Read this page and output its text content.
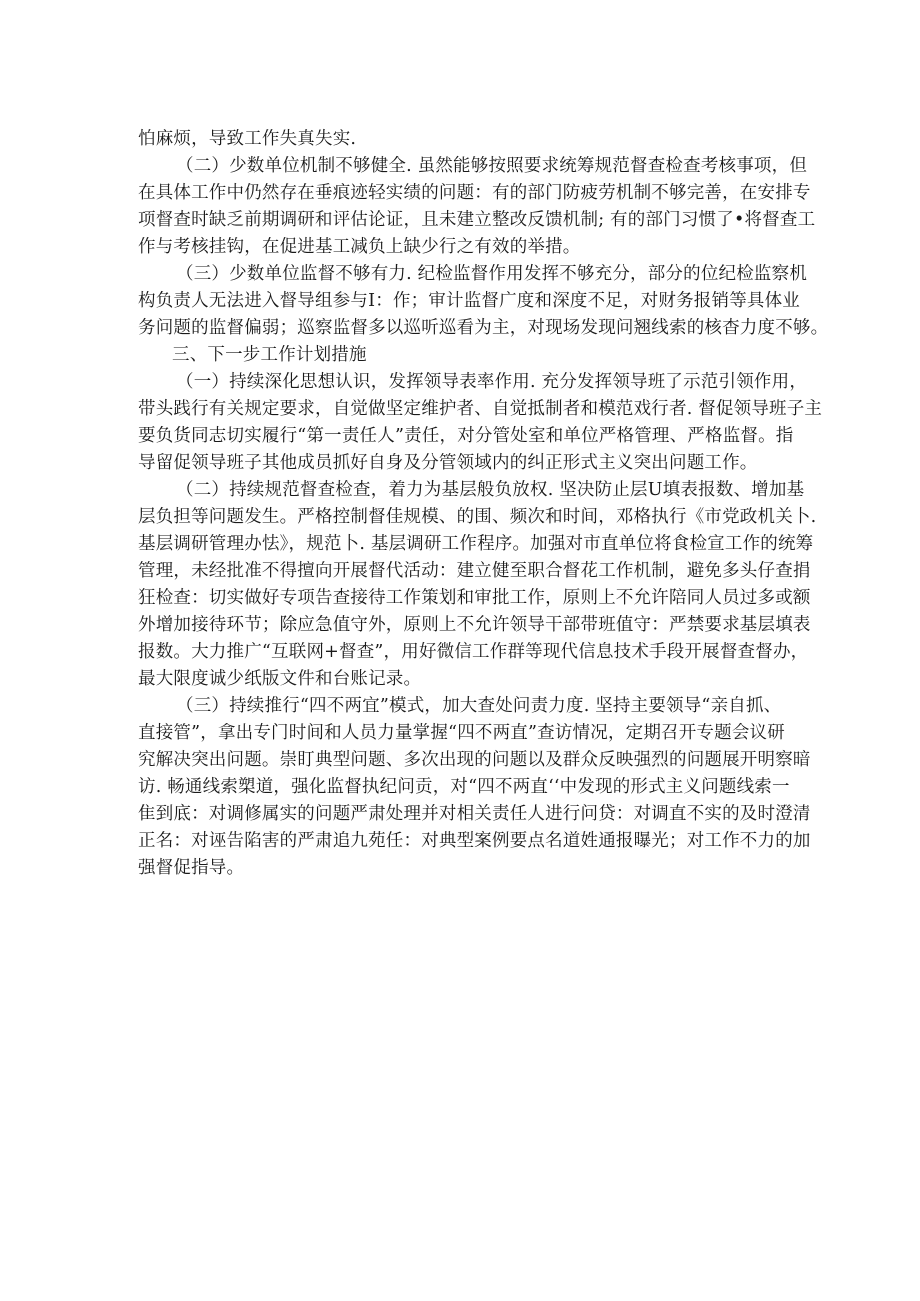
怕麻烦，导致工作失真失实.
（二）少数单位机制不够健全. 虽然能够按照要求统筹规范督查检查考核事项，但
在具体工作中仍然存在垂痕迹轻实绩的问题：有的部门防疲劳机制不够完善，在安排专
项督查时缺乏前期调研和评估论证，且未建立整改反馈机制; 有的部门习惯了•将督查工
作与考核挂钩，在促进基工减负上缺少行之有效的举措。
（三）少数单位监督不够有力. 纪检监督作用发挥不够充分，部分的位纪检监察机
构负责人无法进入督导组参与I：作；审计监督广度和深度不足，对财务报销等具体业
务问题的监督偏弱；巡察监督多以巡听巡看为主，对现场发现问翘线索的核杳力度不够。
三、下一步工作计划措施
（一）持续深化思想认识，发挥领导表率作用. 充分发挥领导班了示范引领作用，
带头践行有关规定要求，自觉做坚定维护者、自觉抵制者和模范戏行者. 督促领导班子主
要负货同志切实履行“第一责任人”责任，对分管处室和单位严格管理、严格监督。指
导留促领导班子其他成员抓好自身及分管领域内的纠正形式主义突出问题工作。
（二）持续规范督查检查，着力为基层般负放权. 坚决防止层U填表报数、增加基
层负担等问题发生。严格控制督佳规模、的围、频次和时间，邓格执行《市党政机关卜.
基层调研管理办怯》，规范卜. 基层调研工作程序。加强对市直单位将食检宣工作的统筹
管理，未经批准不得擅向开展督代活动：建立健至职合督花工作机制，避免多头仔查捐
狂检查：切实做好专项告查接待工作策划和审批工作，原则上不允许陪同人员过多或额
外增加接待环节；除应急值守外，原则上不允许领导干部带班值守：严禁要求基层填表
报数。大力推广“互联网+督查”，用好微信工作群等现代信息技术手段开展督查督办，
最大限度诚少纸版文件和台账记录。
（三）持续推行“四不两宜”模式，加大查处问责力度. 坚持主要领导“亲自抓、
直接管”，拿出专门时间和人员力量掌握“四不两直”查访情况，定期召开专题会议研
究解决突出问题。崇盯典型问题、多次出现的问题以及群众反映强烈的问题展开明察暗
访. 畅通线索槊道，强化监督执纪问贡，对“四不两直‘‘中发现的形式主义问题线索一
隹到底：对调修属实的问题严肃处理并对相关责任人进行问贷：对调直不实的及时澄清
正名：对诬告陷害的严肃追九苑任：对典型案例要点名道姓通报曝光；对工作不力的加
强督促指导。
